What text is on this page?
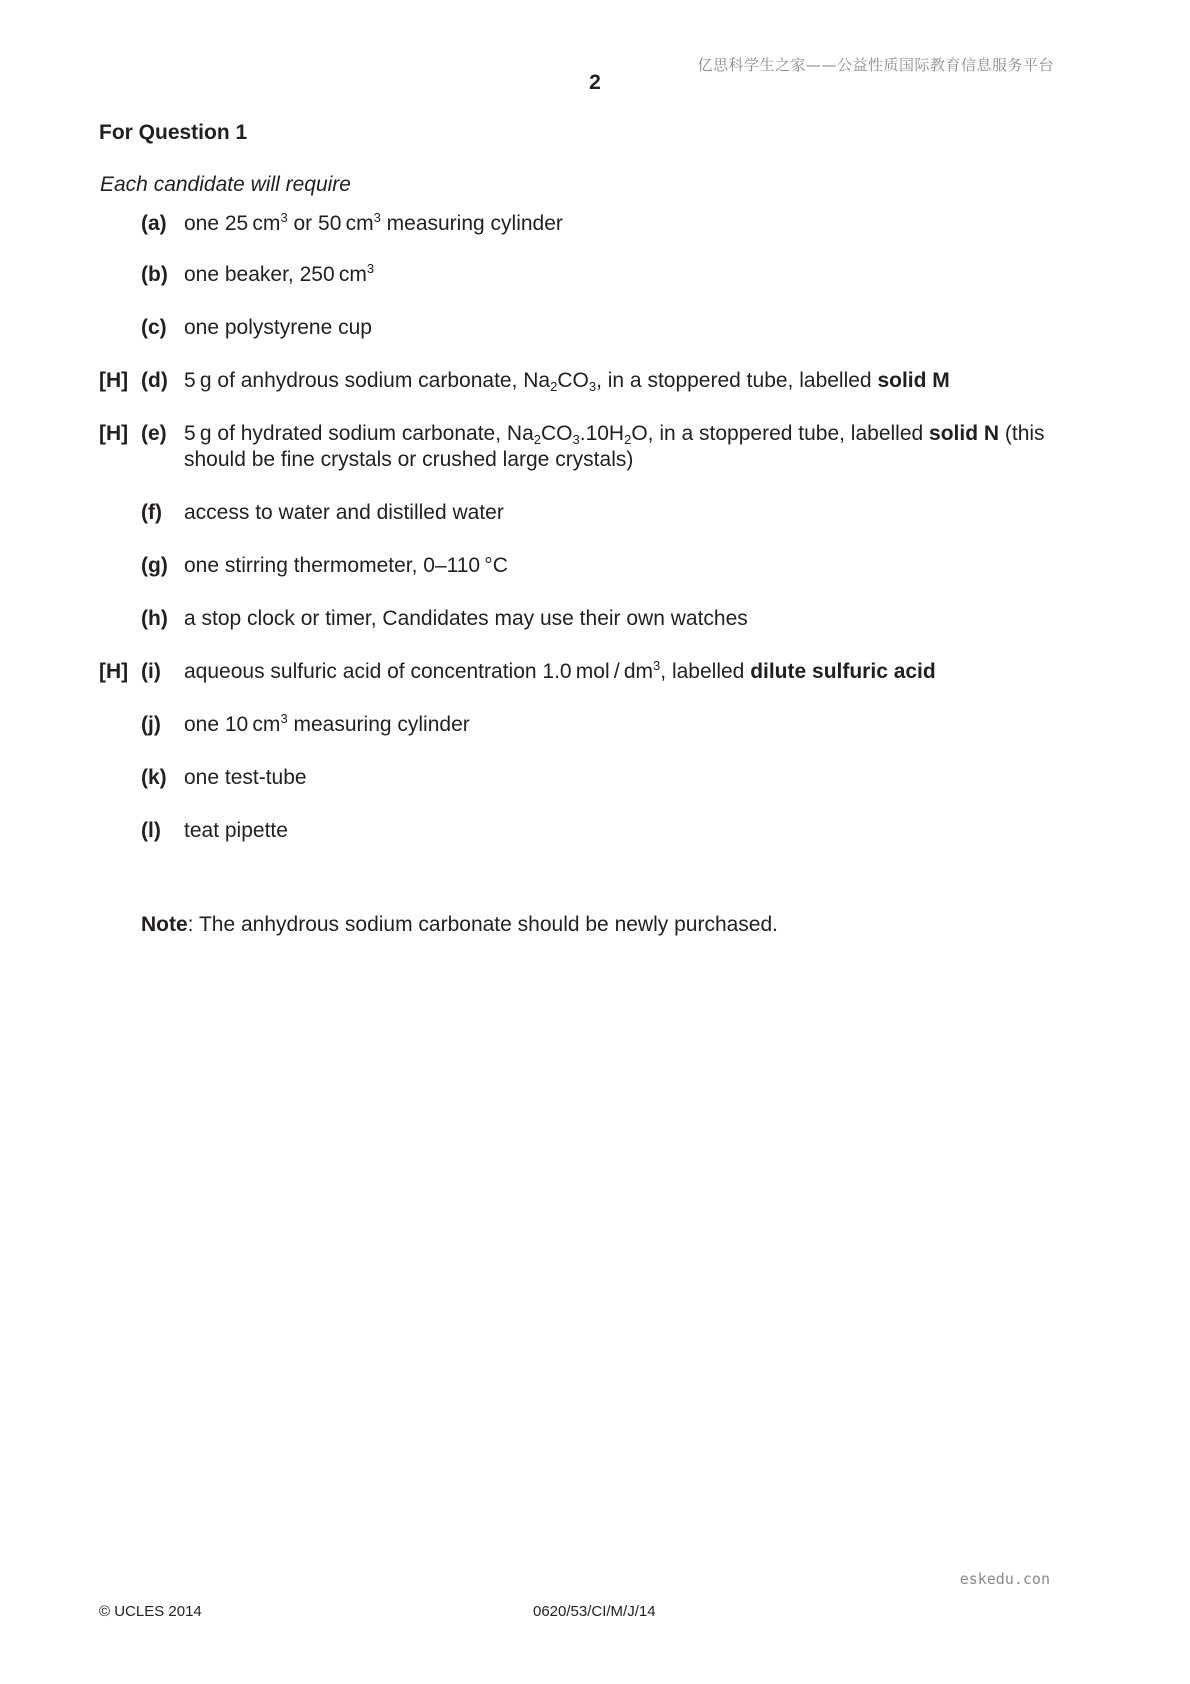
亿思科学生之家——公益性质国际教育信息服务平台
2
For Question 1
Each candidate will require
(a) one 25 $cm^3$ or 50 $cm^3$ measuring cylinder
(b) one beaker, 250 $cm^3$
(c) one polystyrene cup
[H] (d) 5 g of anhydrous sodium carbonate, $Na_2CO_3$, in a stoppered tube, labelled solid M
[H] (e) 5 g of hydrated sodium carbonate, $Na_2CO_3.10H_2O$, in a stoppered tube, labelled solid N (this should be fine crystals or crushed large crystals)
(f) access to water and distilled water
(g) one stirring thermometer, 0–110 °C
(h) a stop clock or timer, Candidates may use their own watches
[H] (i) aqueous sulfuric acid of concentration 1.0 mol / $dm^3$, labelled dilute sulfuric acid
(j) one 10 $cm^3$ measuring cylinder
(k) one test-tube
(l) teat pipette
Note: The anhydrous sodium carbonate should be newly purchased.
eskedu.con
© UCLES 2014	0620/53/CI/M/J/14
